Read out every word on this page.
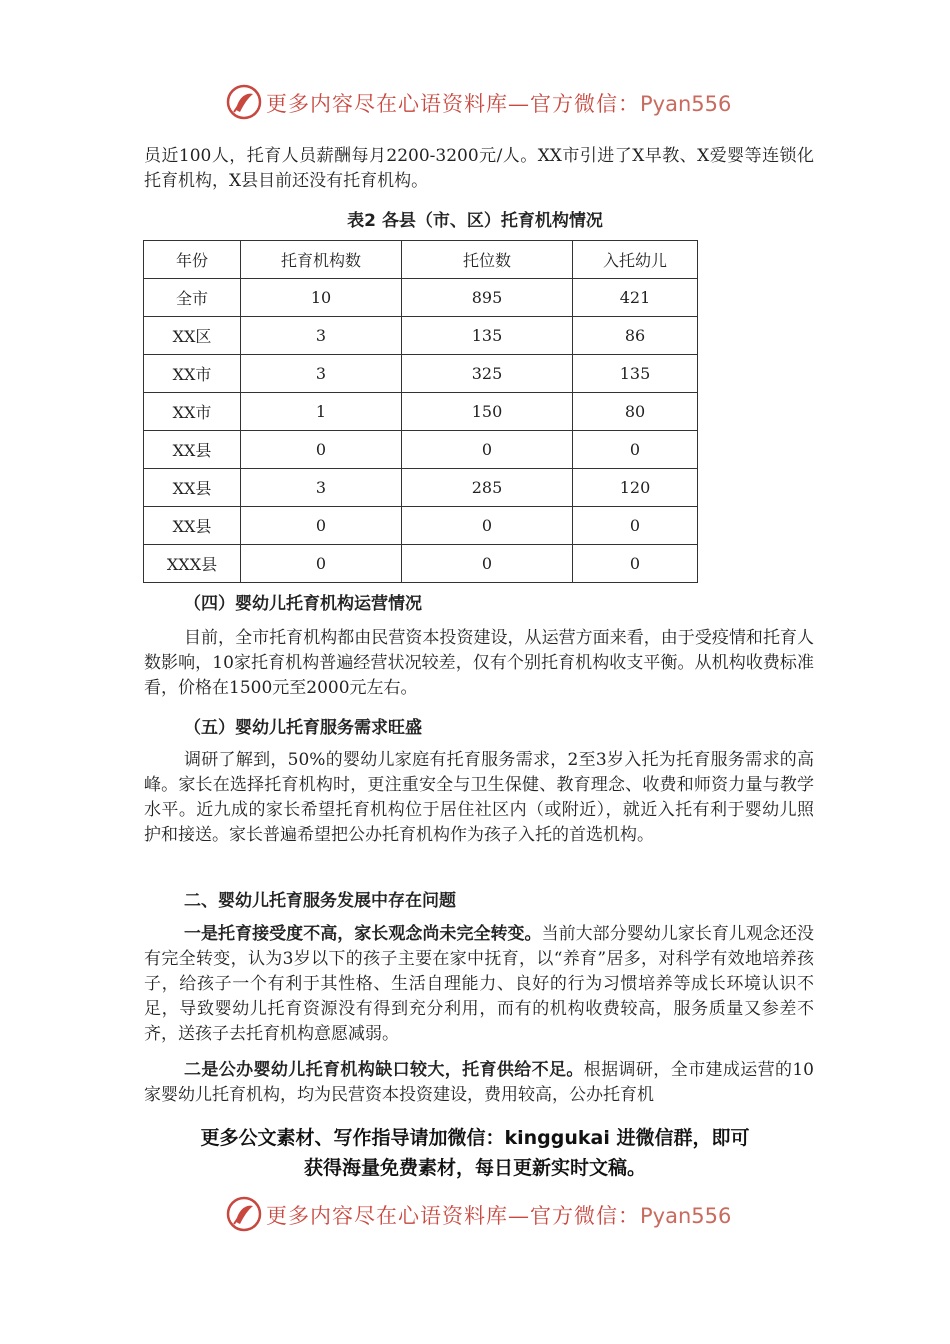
更多内容尽在心语资料库—官方微信：Pyan556

员近100人，托育人员薪酬每月2200-3200元/人。XX市引进了X早教、X爱婴等连锁化托育机构，X县目前还没有托育机构。

表2 各县（市、区）托育机构情况
年份	托育机构数	托位数	入托幼儿
全市	10	895	421
XX区	3	135	86
XX市	3	325	135
XX市	1	150	80
XX县	0	0	0
XX县	3	285	120
XX县	0	0	0
XXX县	0	0	0
（四）婴幼儿托育机构运营情况

目前，全市托育机构都由民营资本投资建设，从运营方面来看，由于受疫情和托育人数影响，10家托育机构普遍经营状况较差，仅有个别托育机构收支平衡。从机构收费标准看，价格在1500元至2000元左右。

（五）婴幼儿托育服务需求旺盛

调研了解到，50%的婴幼儿家庭有托育服务需求，2至3岁入托为托育服务需求的高峰。家长在选择托育机构时，更注重安全与卫生保健、教育理念、收费和师资力量与教学水平。近九成的家长希望托育机构位于居住社区内（或附近），就近入托有利于婴幼儿照护和接送。家长普遍希望把公办托育机构作为孩子入托的首选机构。

二、婴幼儿托育服务发展中存在问题

一是托育接受度不高，家长观念尚未完全转变。当前大部分婴幼儿家长育儿观念还没有完全转变，认为3岁以下的孩子主要在家中抚育，以“养育”居多，对科学有效地培养孩子，给孩子一个有利于其性格、生活自理能力、良好的行为习惯培养等成长环境认识不足，导致婴幼儿托育资源没有得到充分利用，而有的机构收费较高，服务质量又参差不齐，送孩子去托育机构意愿减弱。

二是公办婴幼儿托育机构缺口较大，托育供给不足。根据调研，全市建成运营的10家婴幼儿托育机构，均为民营资本投资建设，费用较高，公办托育机

更多公文素材、写作指导请加微信：kinggukai 进微信群，即可
获得海量免费素材，每日更新实时文稿。
更多内容尽在心语资料库—官方微信：Pyan556
